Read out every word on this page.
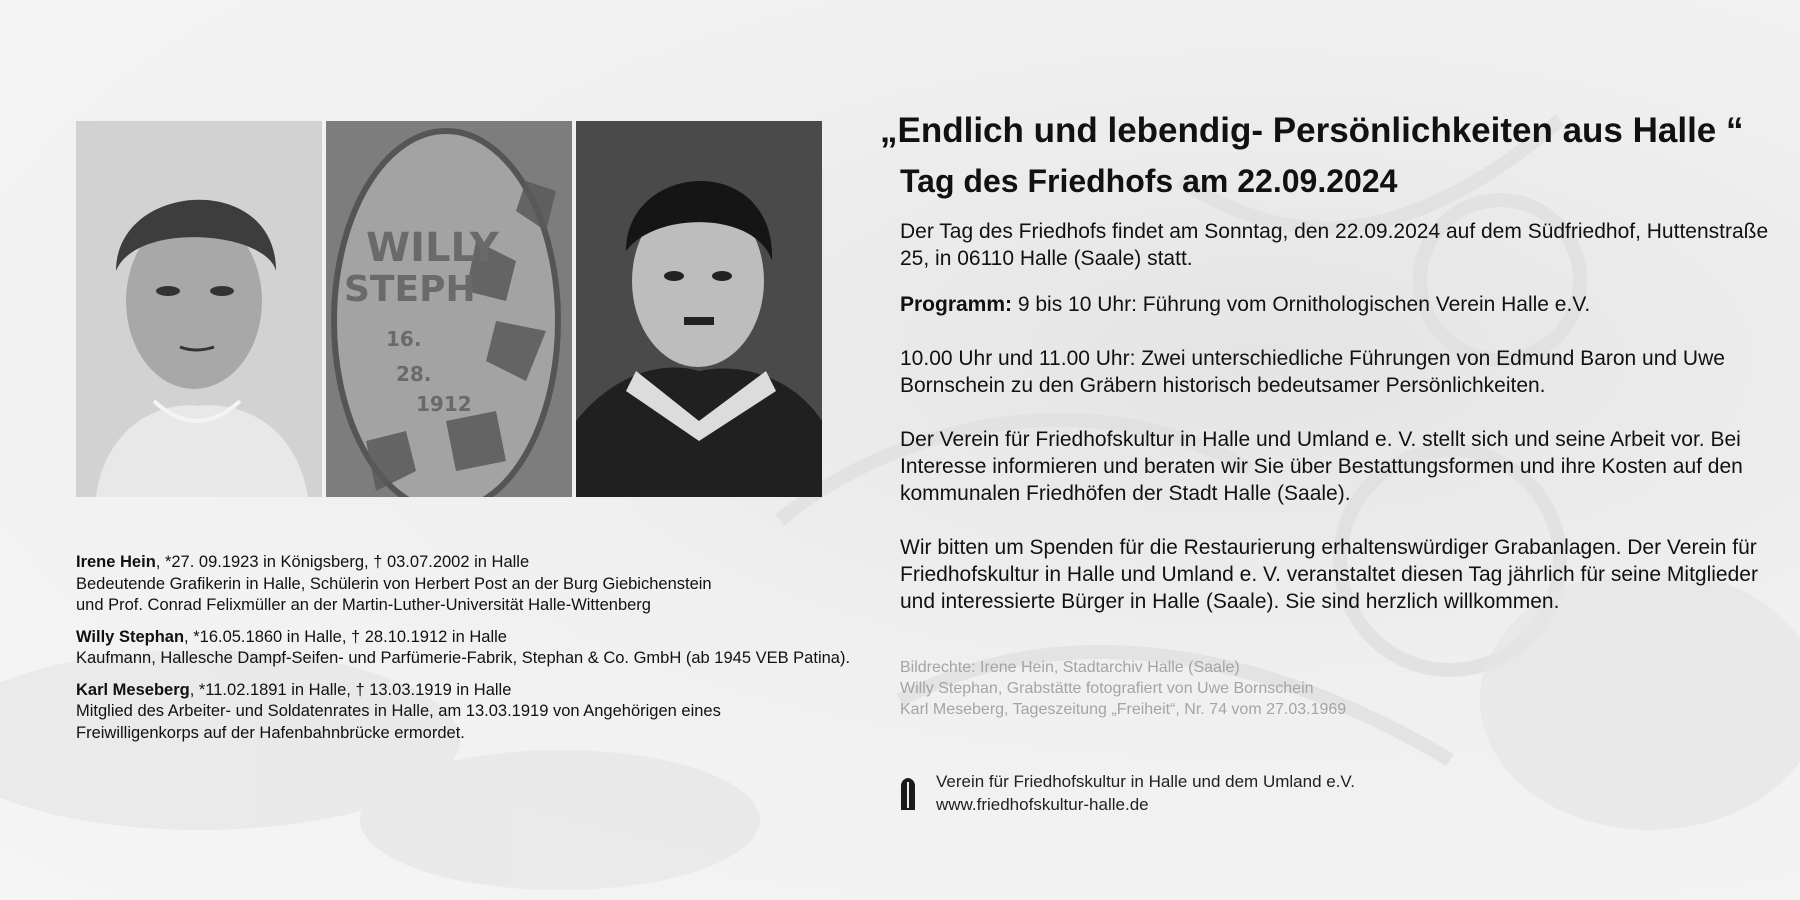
WILLY
STEPH
16.
28.
1912
Irene Hein, *27. 09.1923 in Königsberg, † 03.07.2002 in Halle
Bedeutende Grafikerin in Halle, Schülerin von Herbert Post an der Burg Giebichenstein
und Prof. Conrad Felixmüller an der Martin-Luther-Universität Halle-Wittenberg
Willy Stephan, *16.05.1860 in Halle, † 28.10.1912 in Halle
Kaufmann, Hallesche Dampf-Seifen- und Parfümerie-Fabrik, Stephan & Co. GmbH (ab 1945 VEB Patina).
Karl Meseberg, *11.02.1891 in Halle, † 13.03.1919 in Halle
Mitglied des Arbeiter- und Soldatenrates in Halle, am 13.03.1919 von Angehörigen eines
Freiwilligenkorps auf der Hafenbahnbrücke ermordet.
„Endlich und lebendig- Persönlichkeiten aus Halle “
Tag des Friedhofs am 22.09.2024

Der Tag des Friedhofs findet am Sonntag, den 22.09.2024 auf dem Südfriedhof, Huttenstraße 25, in 06110 Halle (Saale) statt.

Programm: 9 bis 10 Uhr: Führung vom Ornithologischen Verein Halle e.V.

10.00 Uhr und 11.00 Uhr: Zwei unterschiedliche Führungen von Edmund Baron und Uwe Bornschein zu den Gräbern historisch bedeutsamer Persönlichkeiten.

Der Verein für Friedhofskultur in Halle und Umland e. V. stellt sich und seine Arbeit vor. Bei Interesse informieren und beraten wir Sie über Bestattungsformen und ihre Kosten auf den kommunalen Friedhöfen der Stadt Halle (Saale).

Wir bitten um Spenden für die Restaurierung erhaltenswürdiger Grabanlagen. Der Verein für Friedhofskultur in Halle und Umland e. V. veranstaltet diesen Tag jährlich für seine Mitglieder und interessierte Bürger in Halle (Saale). Sie sind herzlich willkommen.

Bildrechte: Irene Hein, Stadtarchiv Halle (Saale)
Willy Stephan, Grabstätte fotografiert von Uwe Bornschein
Karl Meseberg, Tageszeitung „Freiheit“, Nr. 74 vom 27.03.1969
Verein für Friedhofskultur in Halle und dem Umland e.V.
www.friedhofskultur-halle.de
